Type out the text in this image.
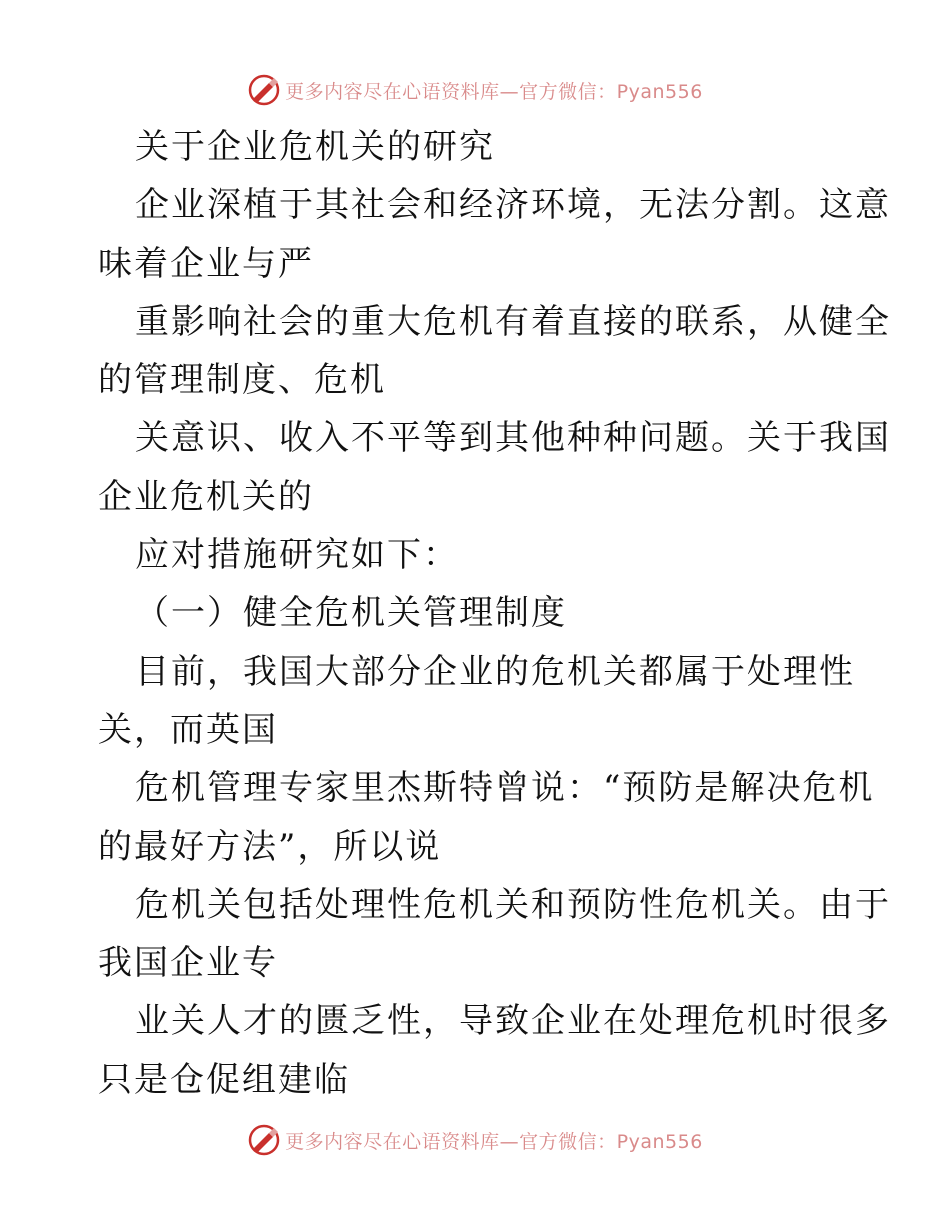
更多内容尽在心语资料库—官方微信：Pyan556
关于企业危机关的研究
企业深植于其社会和经济环境，无法分割。这意
味着企业与严
重影响社会的重大危机有着直接的联系，从健全
的管理制度、危机
关意识、收入不平等到其他种种问题。关于我国
企业危机关的
应对措施研究如下：
（一）健全危机关管理制度
目前，我国大部分企业的危机关都属于处理性
关，而英国
危机管理专家里杰斯特曾说：“预防是解决危机
的最好方法”，所以说
危机关包括处理性危机关和预防性危机关。由于
我国企业专
业关人才的匮乏性，导致企业在处理危机时很多
只是仓促组建临
更多内容尽在心语资料库—官方微信：Pyan556
